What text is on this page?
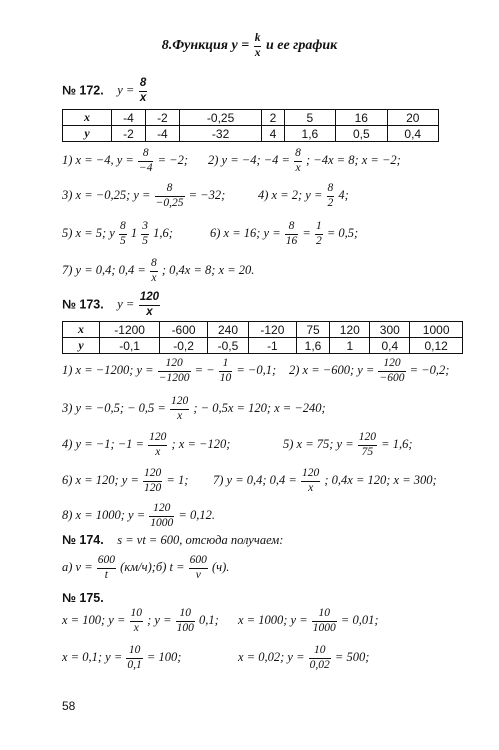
8.Функция $y = \frac{k}{x}$ и ее график
№ 172. $y = \frac{8}{x}$
x	-4	-2	-0,25	2	5	16	20
y	-2	-4	-32	4	1,6	0,5	0,4
1) x = −4, $y = \frac{8}{-4} = -2$; 2) y = −4; $-4 = \frac{8}{x}$ ; −4x = 8; x = −2;
3) x = −0,25; $y = \frac{8}{-0,25} = -32$;	4) x = 2; $y = \frac{8}{2} 4$;
5) x = 5; y $\frac{8}{5} 1 \frac{3}{5} 1,6$;	6) x = 16; $y = \frac{8}{16} = \frac{1}{2} = 0,5$;
7) y = 0,4; $0,4 = \frac{8}{x}$ ; 0,4x = 8; x = 20.
№ 173. $y = \frac{120}{x}$
x	-1200	-600	240	-120	75	120	300	1000
y	-0,1	-0,2	-0,5	-1	1,6	1	0,4	0,12
1) x = −1200; $y = \frac{120}{-1200}$ = − $\frac{1}{10} = -0,1$; 2) x = −600; $y = \frac{120}{-600} = -0,2$;
3) y = −0,5; − $0,5 = \frac{120}{x}$ ; − 0,5x = 120; x = −240;
4) y = −1; $-1 = \frac{120}{x}$ ; x = −120;	5) x = 75; $y = \frac{120}{75} = 1,6$;
6) x = 120; $y = \frac{120}{120} = 1$; 7) y = 0,4; $0,4 = \frac{120}{x}$ ; 0,4x = 120; x = 300;
8) x = 1000; $y = \frac{120}{1000} = 0,12$.
№ 174. s = vt = 600, отсюда получаем:
а) $v = \frac{600}{t}$ (км/ч);б) $t = \frac{600}{v} (ч)$.
№ 175.
x = 100; $y = \frac{10}{x}$ ; $y = \frac{10}{100} 0,1$; x = 1000; $y = \frac{10}{1000} = 0,01$;
x = 0,1; $y = \frac{10}{0,1} = 100$;	x = 0,02; $y = \frac{10}{0,02} = 500$;
58
